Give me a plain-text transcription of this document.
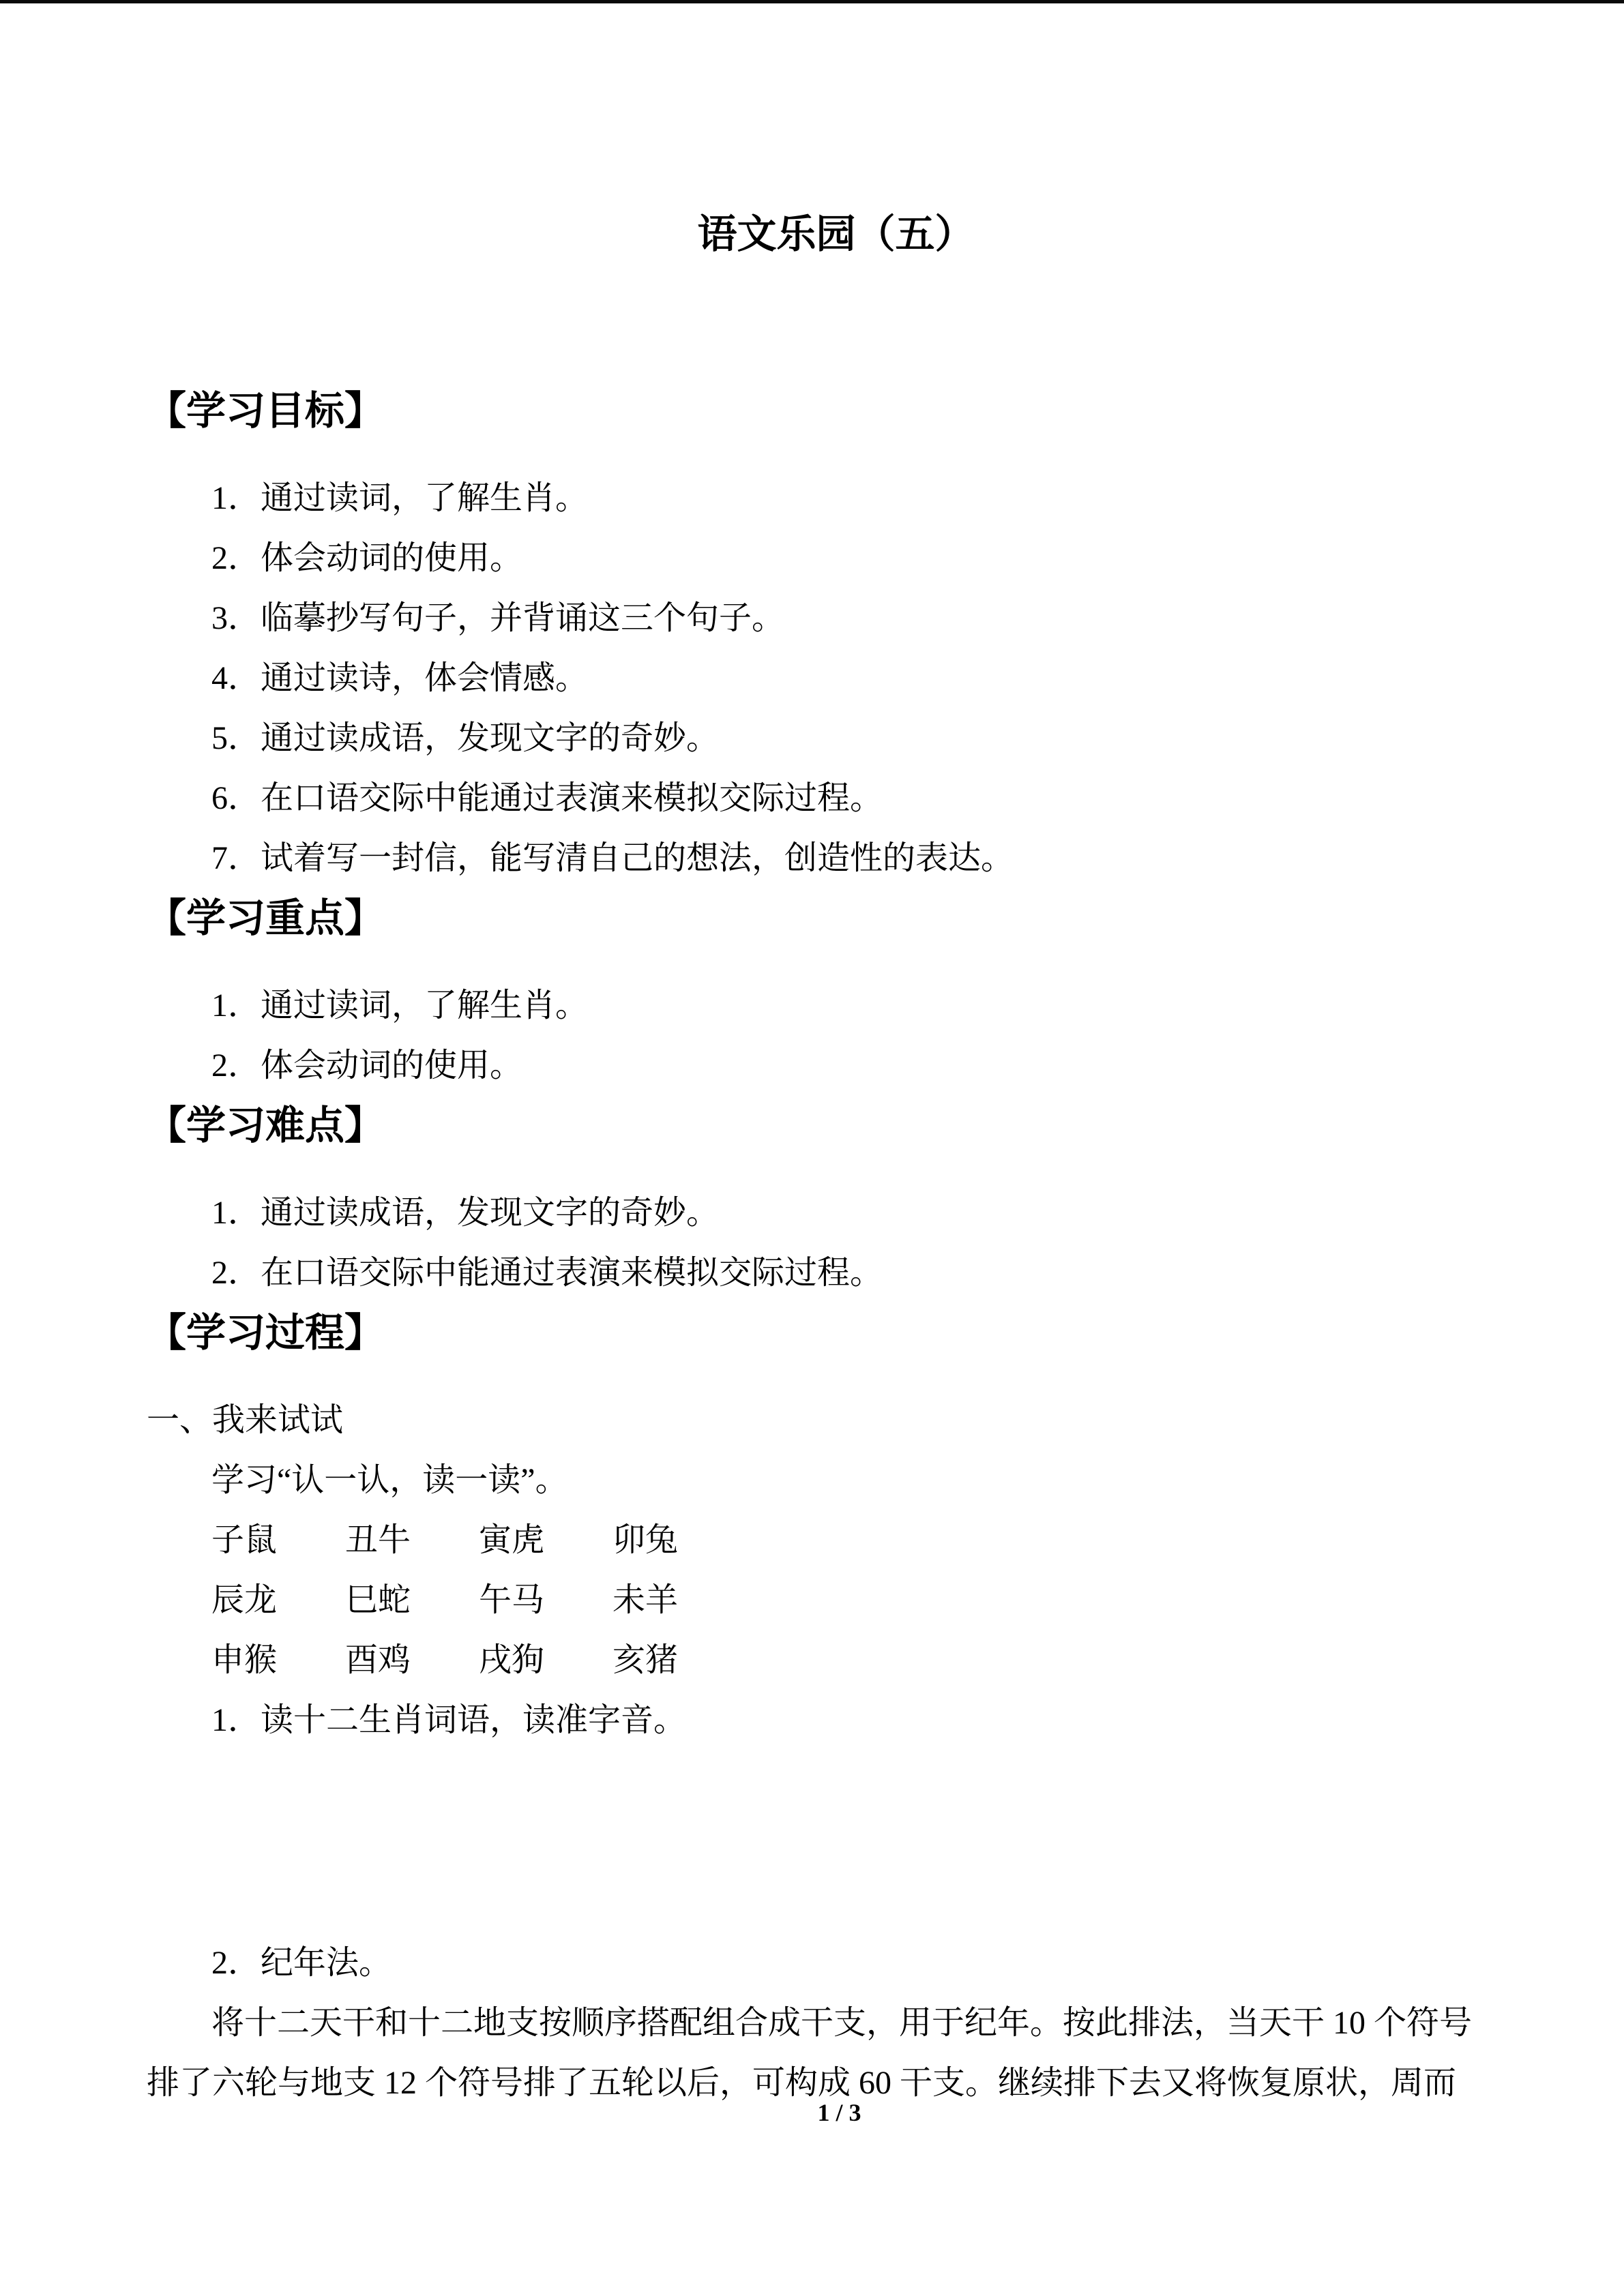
语文乐园（五）
【学习目标】
1．通过读词，了解生肖。
2．体会动词的使用。
3．临摹抄写句子，并背诵这三个句子。
4．通过读诗，体会情感。
5．通过读成语，发现文字的奇妙。
6．在口语交际中能通过表演来模拟交际过程。
7．试着写一封信，能写清自己的想法，创造性的表达。
【学习重点】
1．通过读词，了解生肖。
2．体会动词的使用。
【学习难点】
1．通过读成语，发现文字的奇妙。
2．在口语交际中能通过表演来模拟交际过程。
【学习过程】
一、我来试试
学习“认一认，读一读”。
子鼠 丑牛 寅虎 卯兔
辰龙 巳蛇 午马 未羊
申猴 酉鸡 戌狗 亥猪
1．读十二生肖词语，读准字音。
2．纪年法。
将十二天干和十二地支按顺序搭配组合成干支，用于纪年。按此排法，当天干 10 个符号
排了六轮与地支 12 个符号排了五轮以后，可构成 60 干支。继续排下去又将恢复原状，周而
1 / 3
